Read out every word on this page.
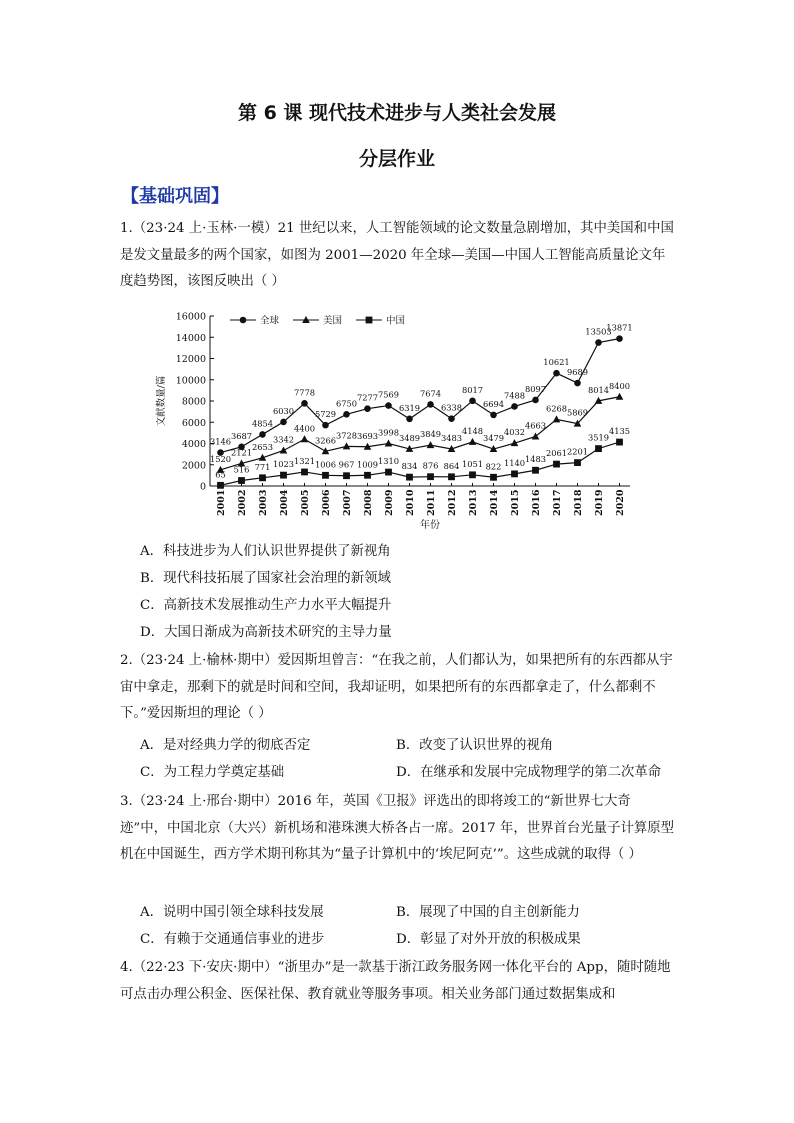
第 6 课 现代技术进步与人类社会发展
分层作业
【基础巩固】
1.（23·24 上·玉林·一模）21 世纪以来，人工智能领域的论文数量急剧增加，其中美国和中国是发文量最多的两个国家，如图为 2001—2020 年全球—美国—中国人工智能高质量论文年度趋势图，该图反映出（ ）
0
2000
4000
6000
8000
10000
12000
14000
16000
2001 2002 2003 2004 2005 2006 2007 2008 2009 2010 2011 2012 2013 2014 2015 2016 2017 2018 2019 2020
文献数量/篇
年份
全球	美国	中国
3146
3687
4854
6030
7778
5729
6750
7277 7569
6319
7674
6338
8017
6694
7488
8097
10621
9689
13503
13871
1520
2121
2653
3342
4400
3266 3728 3693 3998
3489 3849 3483
4148
3479
4032
4663
6268 5869
8014 8400
65 516 771 1023 1321 1006 967 1009 1310
834 876 864 1051 822 1140 1483
2061 2201
3519
4135
A．科技进步为人们认识世界提供了新视角
B．现代科技拓展了国家社会治理的新领域
C．高新技术发展推动生产力水平大幅提升
D．大国日渐成为高新技术研究的主导力量
2.（23·24 上·榆林·期中）爱因斯坦曾言：“在我之前，人们都认为，如果把所有的东西都从宇宙中拿走，那剩下的就是时间和空间，我却证明，如果把所有的东西都拿走了，什么都剩不下。”爱因斯坦的理论（ ）
A．是对经典力学的彻底否定	B．改变了认识世界的视角
C．为工程力学奠定基础	D．在继承和发展中完成物理学的第二次革命
3.（23·24 上·邢台·期中）2016 年，英国《卫报》评选出的即将竣工的“新世界七大奇迹”中，中国北京（大兴）新机场和港珠澳大桥各占一席。2017 年，世界首台光量子计算原型机在中国诞生，西方学术期刊称其为“量子计算机中的‘埃尼阿克’”。这些成就的取得（ ）
A．说明中国引领全球科技发展	B．展现了中国的自主创新能力
C．有赖于交通通信事业的进步	D．彰显了对外开放的积极成果
4.（22·23 下·安庆·期中）“浙里办”是一款基于浙江政务服务网一体化平台的 App，随时随地可点击办理公积金、医保社保、教育就业等服务事项。相关业务部门通过数据集成和
